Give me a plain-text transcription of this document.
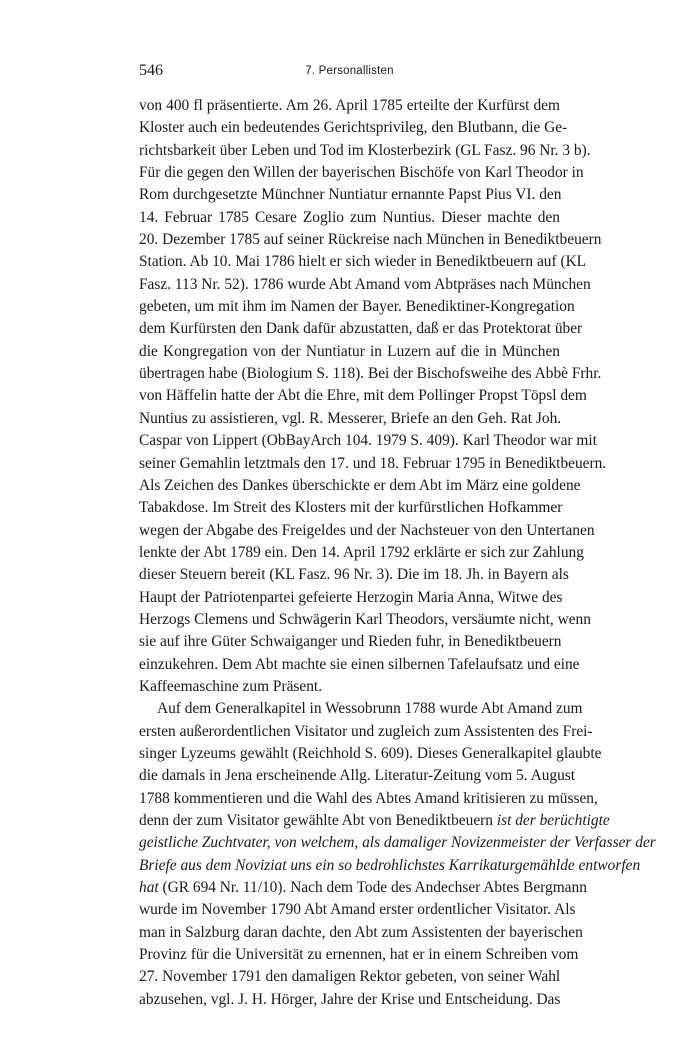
546	7. Personallisten
von 400 fl präsentierte. Am 26. April 1785 erteilte der Kurfürst dem
Kloster auch ein bedeutendes Gerichtsprivileg, den Blutbann, die Ge-
richtsbarkeit über Leben und Tod im Klosterbezirk (GL Fasz. 96 Nr. 3 b).
Für die gegen den Willen der bayerischen Bischöfe von Karl Theodor in
Rom durchgesetzte Münchner Nuntiatur ernannte Papst Pius VI. den
14. Februar 1785 Cesare Zoglio zum Nuntius. Dieser machte den
20. Dezember 1785 auf seiner Rückreise nach München in Benediktbeuern
Station. Ab 10. Mai 1786 hielt er sich wieder in Benediktbeuern auf (KL
Fasz. 113 Nr. 52). 1786 wurde Abt Amand vom Abtpräses nach München
gebeten, um mit ihm im Namen der Bayer. Benediktiner-Kongregation
dem Kurfürsten den Dank dafür abzustatten, daß er das Protektorat über
die Kongregation von der Nuntiatur in Luzern auf die in München
übertragen habe (Biologium S. 118). Bei der Bischofsweihe des Abbè Frhr.
von Häffelin hatte der Abt die Ehre, mit dem Pollinger Propst Töpsl dem
Nuntius zu assistieren, vgl. R. Messerer, Briefe an den Geh. Rat Joh.
Caspar von Lippert (ObBayArch 104. 1979 S. 409). Karl Theodor war mit
seiner Gemahlin letztmals den 17. und 18. Februar 1795 in Benediktbeuern.
Als Zeichen des Dankes überschickte er dem Abt im März eine goldene
Tabakdose. Im Streit des Klosters mit der kurfürstlichen Hofkammer
wegen der Abgabe des Freigeldes und der Nachsteuer von den Untertanen
lenkte der Abt 1789 ein. Den 14. April 1792 erklärte er sich zur Zahlung
dieser Steuern bereit (KL Fasz. 96 Nr. 3). Die im 18. Jh. in Bayern als
Haupt der Patriotenpartei gefeierte Herzogin Maria Anna, Witwe des
Herzogs Clemens und Schwägerin Karl Theodors, versäumte nicht, wenn
sie auf ihre Güter Schwaiganger und Rieden fuhr, in Benediktbeuern
einzukehren. Dem Abt machte sie einen silbernen Tafelaufsatz und eine
Kaffeemaschine zum Präsent.
Auf dem Generalkapitel in Wessobrunn 1788 wurde Abt Amand zum
ersten außerordentlichen Visitator und zugleich zum Assistenten des Frei-
singer Lyzeums gewählt (Reichhold S. 609). Dieses Generalkapitel glaubte
die damals in Jena erscheinende Allg. Literatur-Zeitung vom 5. August
1788 kommentieren und die Wahl des Abtes Amand kritisieren zu müssen,
denn der zum Visitator gewählte Abt von Benediktbeuern ist der berüchtigte
geistliche Zuchtvater, von welchem, als damaliger Novizenmeister der Verfasser der
Briefe aus dem Noviziat uns ein so bedrohlichstes Karrikaturgemählde entworfen
hat (GR 694 Nr. 11/10). Nach dem Tode des Andechser Abtes Bergmann
wurde im November 1790 Abt Amand erster ordentlicher Visitator. Als
man in Salzburg daran dachte, den Abt zum Assistenten der bayerischen
Provinz für die Universität zu ernennen, hat er in einem Schreiben vom
27. November 1791 den damaligen Rektor gebeten, von seiner Wahl
abzusehen, vgl. J. H. Hörger, Jahre der Krise und Entscheidung. Das
